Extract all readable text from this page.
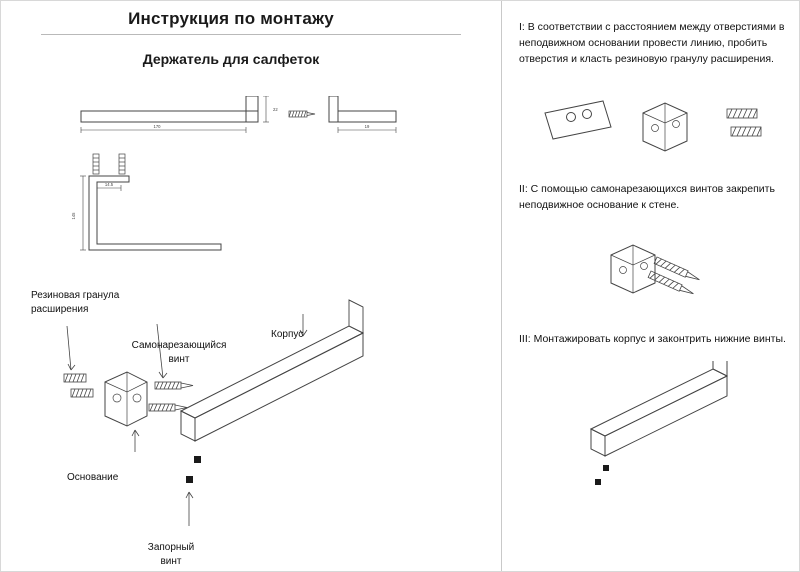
Инструкция по монтажу
Держатель для салфеток
170
22
19
14.5
145
Резиновая гранула
расширения
Самонарезающийся
винт
Корпус
Основание
Запорный
винт
I: В соответствии с расстоянием между отверстиями в неподвижном основании провести линию, пробить отверстия и класть резиновую гранулу расширения.
II: С помощью самонарезающихся винтов закрепить неподвижное основание к стене.
III: Монтажировать корпус и законтрить нижние винты.
